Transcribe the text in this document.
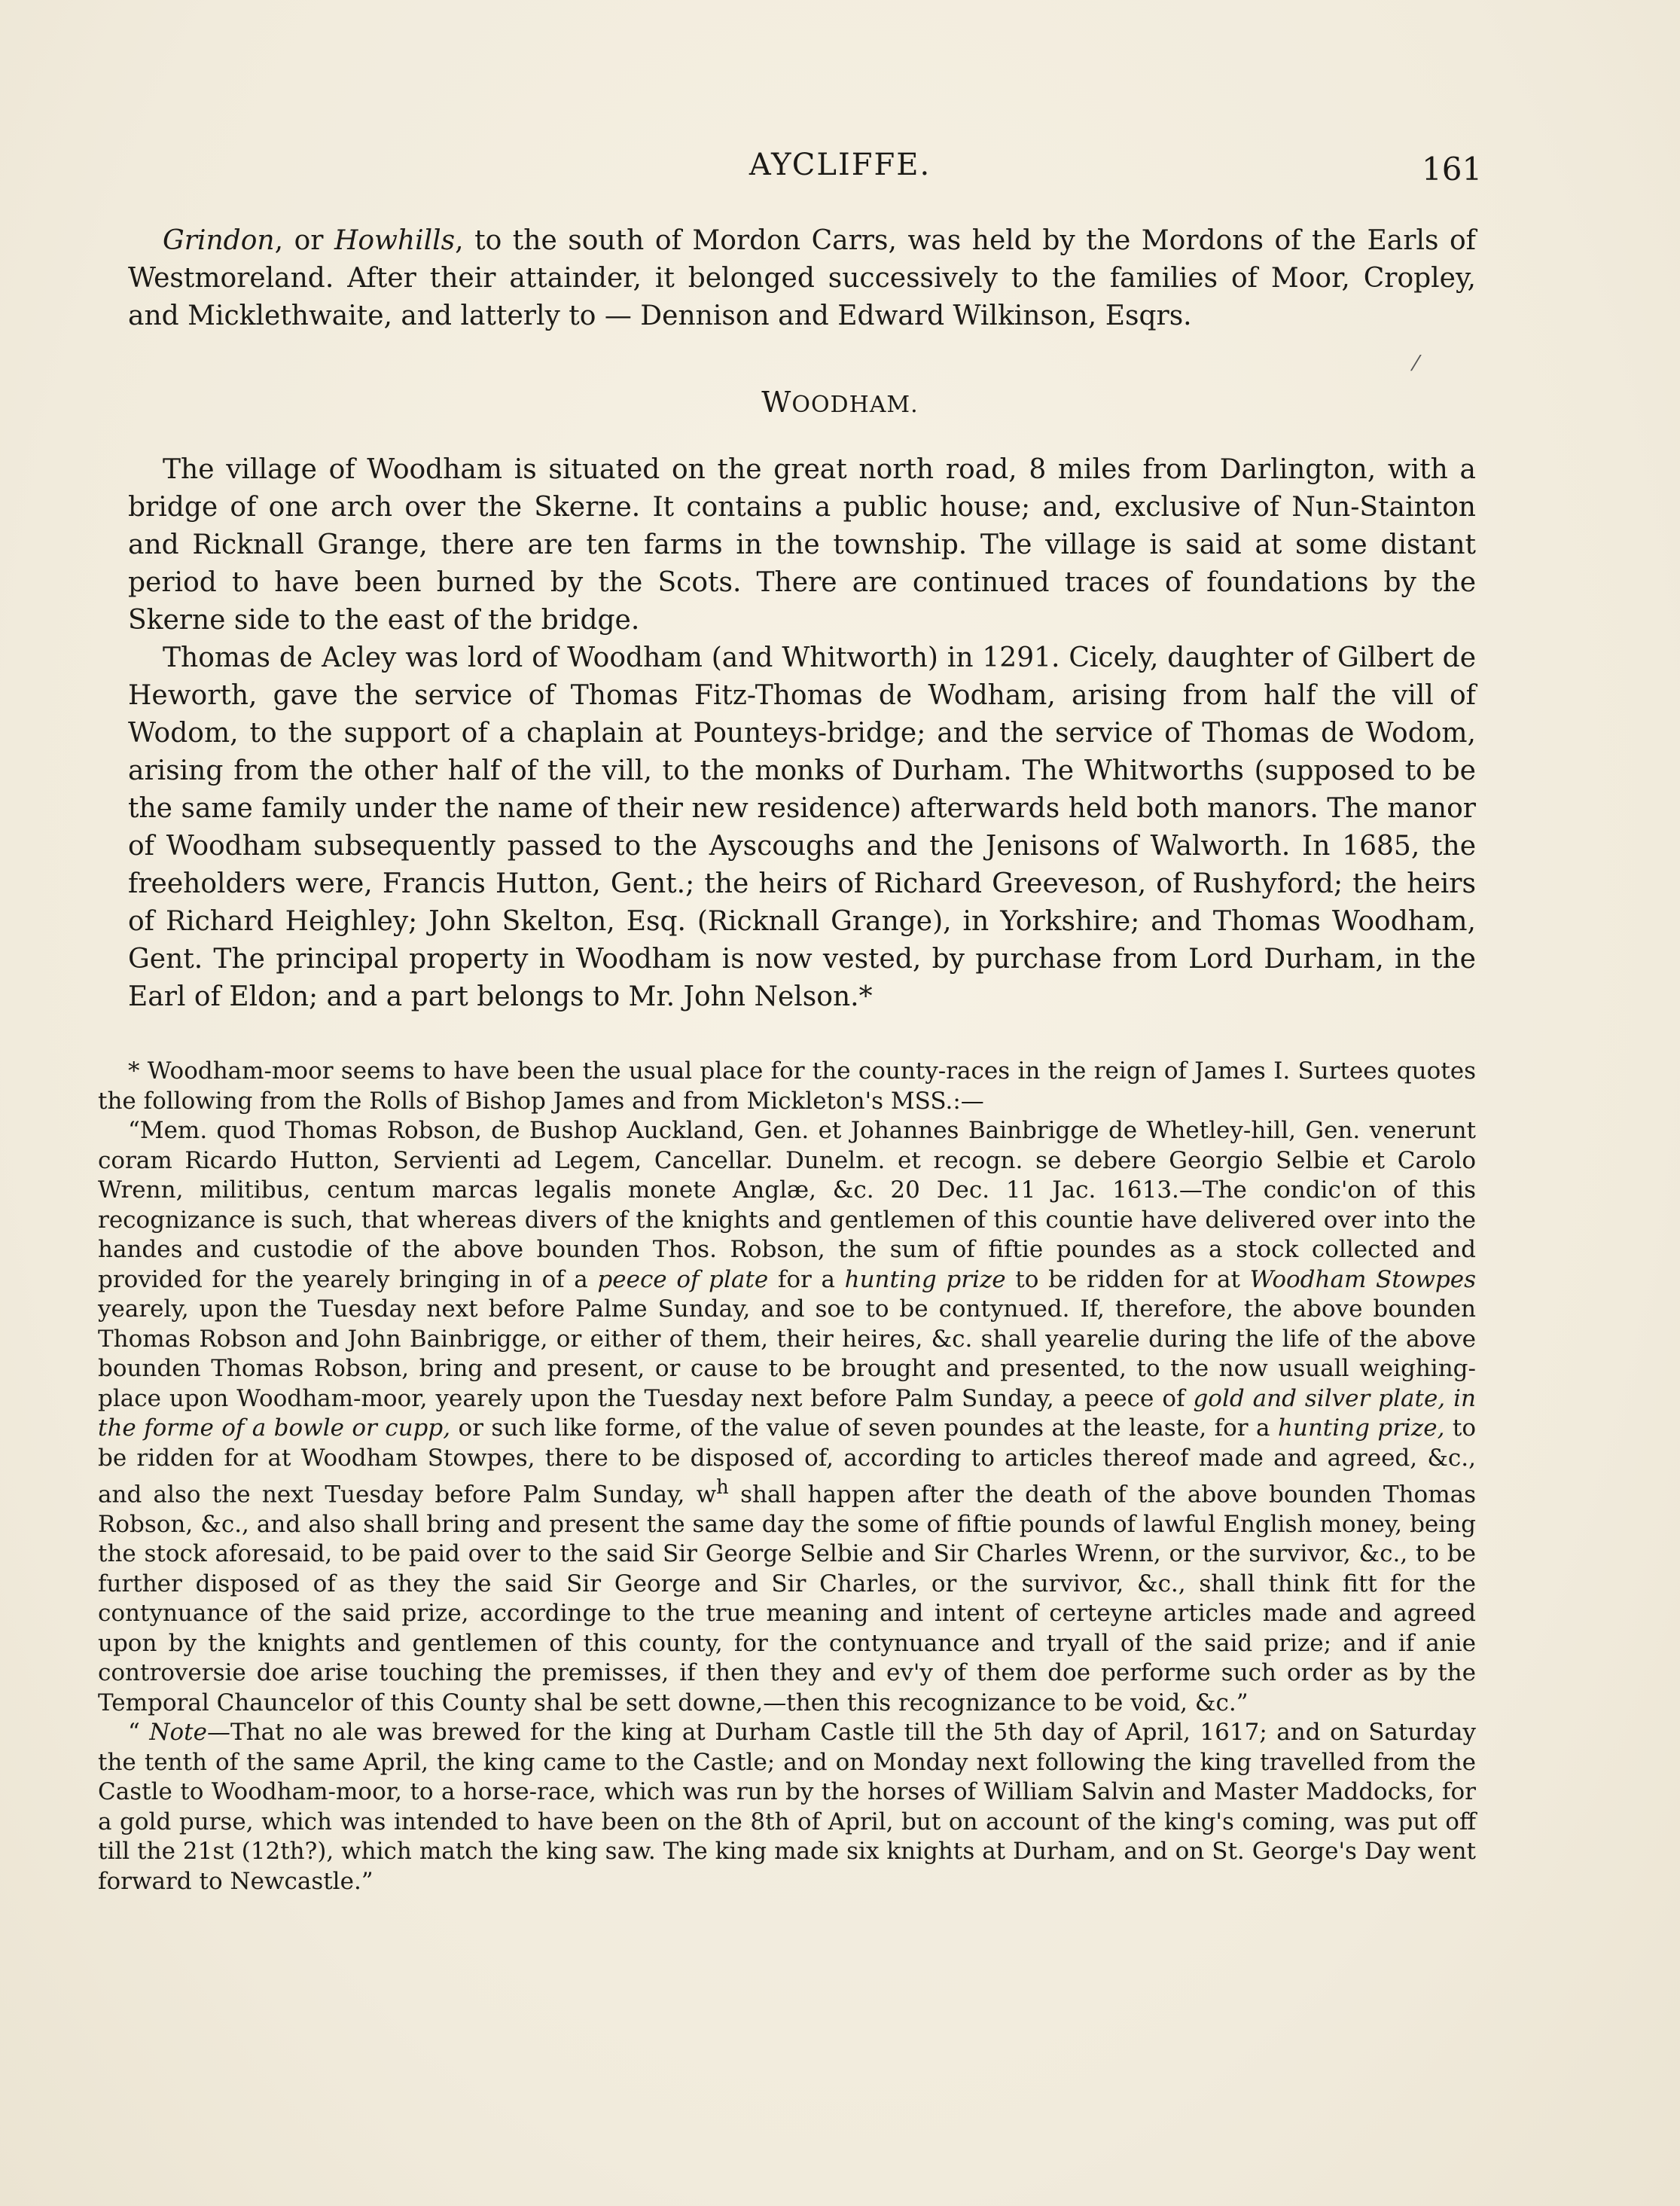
AYCLIFFE.	161

Grindon, or Howhills, to the south of Mordon Carrs, was held by the Mordons of the Earls of Westmoreland. After their attainder, it belonged successively to the families of Moor, Cropley, and Micklethwaite, and latterly to — Dennison and Edward Wilkinson, Esqrs.

WOODHAM.

The village of Woodham is situated on the great north road, 8 miles from Darlington, with a bridge of one arch over the Skerne. It contains a public house; and, exclusive of Nun-Stainton and Ricknall Grange, there are ten farms in the township. The village is said at some distant period to have been burned by the Scots. There are continued traces of foundations by the Skerne side to the east of the bridge.

Thomas de Acley was lord of Woodham (and Whitworth) in 1291. Cicely, daughter of Gilbert de Heworth, gave the service of Thomas Fitz-Thomas de Wodham, arising from half the vill of Wodom, to the support of a chaplain at Pounteys-bridge; and the service of Thomas de Wodom, arising from the other half of the vill, to the monks of Durham. The Whitworths (supposed to be the same family under the name of their new residence) afterwards held both manors. The manor of Woodham subsequently passed to the Ayscoughs and the Jenisons of Walworth. In 1685, the freeholders were, Francis Hutton, Gent.; the heirs of Richard Greeveson, of Rushyford; the heirs of Richard Heighley; John Skelton, Esq. (Ricknall Grange), in Yorkshire; and Thomas Woodham, Gent. The principal property in Woodham is now vested, by purchase from Lord Durham, in the Earl of Eldon; and a part belongs to Mr. John Nelson.*

* Woodham-moor seems to have been the usual place for the county-races in the reign of James I. Surtees quotes the following from the Rolls of Bishop James and from Mickleton's MSS.:—

“Mem. quod Thomas Robson, de Bushop Auckland, Gen. et Johannes Bainbrigge de Whetley-hill, Gen. venerunt coram Ricardo Hutton, Servienti ad Legem, Cancellar. Dunelm. et recogn. se debere Georgio Selbie et Carolo Wrenn, militibus, centum marcas legalis monete Anglæ, &c. 20 Dec. 11 Jac. 1613.—The condic'on of this recognizance is such, that whereas divers of the knights and gentlemen of this countie have delivered over into the handes and custodie of the above bounden Thos. Robson, the sum of fiftie poundes as a stock collected and provided for the yearely bringing in of a peece of plate for a hunting prize to be ridden for at Woodham Stowpes yearely, upon the Tuesday next before Palme Sunday, and soe to be contynued. If, therefore, the above bounden Thomas Robson and John Bainbrigge, or either of them, their heires, &c. shall yearelie during the life of the above bounden Thomas Robson, bring and present, or cause to be brought and presented, to the now usuall weighing-place upon Woodham-moor, yearely upon the Tuesday next before Palm Sunday, a peece of gold and silver plate, in the forme of a bowle or cupp, or such like forme, of the value of seven poundes at the leaste, for a hunting prize, to be ridden for at Woodham Stowpes, there to be disposed of, according to articles thereof made and agreed, &c., and also the next Tuesday before Palm Sunday, $w^h$ shall happen after the death of the above bounden Thomas Robson, &c., and also shall bring and present the same day the some of fiftie pounds of lawful English money, being the stock aforesaid, to be paid over to the said Sir George Selbie and Sir Charles Wrenn, or the survivor, &c., to be further disposed of as they the said Sir George and Sir Charles, or the survivor, &c., shall think fitt for the contynuance of the said prize, accordinge to the true meaning and intent of certeyne articles made and agreed upon by the knights and gentlemen of this county, for the contynuance and tryall of the said prize; and if anie controversie doe arise touching the premisses, if then they and ev'y of them doe performe such order as by the Temporal Chauncelor of this County shal be sett downe,—then this recognizance to be void, &c.”

“ Note—That no ale was brewed for the king at Durham Castle till the 5th day of April, 1617; and on Saturday the tenth of the same April, the king came to the Castle; and on Monday next following the king travelled from the Castle to Woodham-moor, to a horse-race, which was run by the horses of William Salvin and Master Maddocks, for a gold purse, which was intended to have been on the 8th of April, but on account of the king's coming, was put off till the 21st (12th?), which match the king saw. The king made six knights at Durham, and on St. George's Day went forward to Newcastle.”

⁄
